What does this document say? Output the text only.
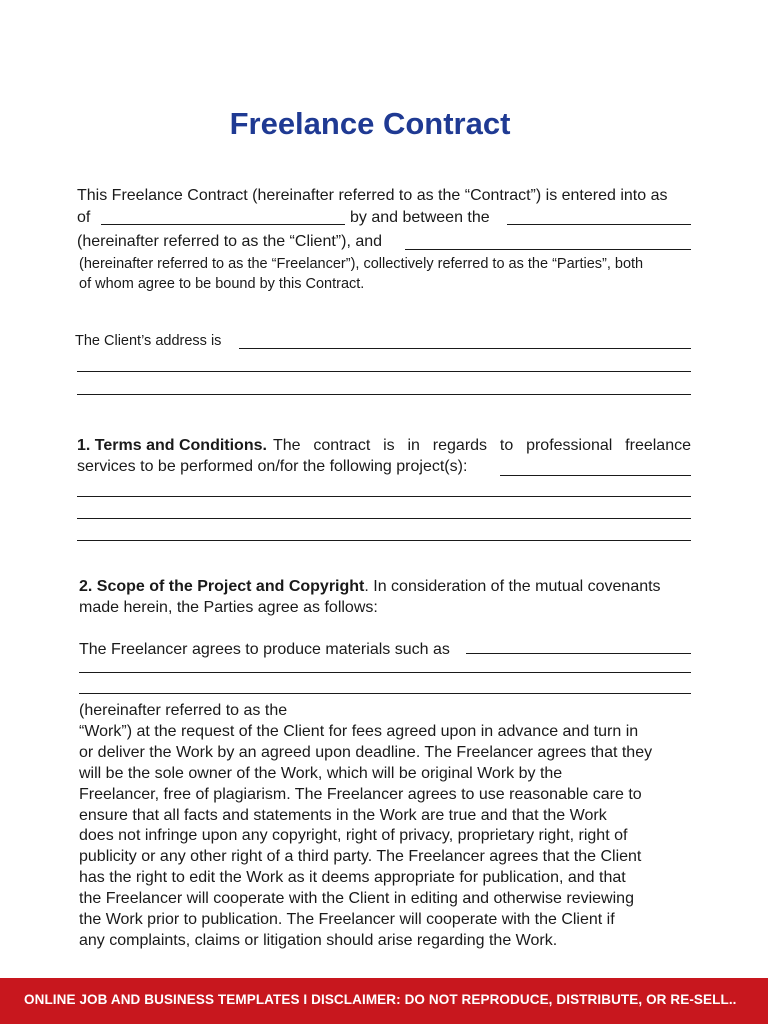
Freelance Contract
This Freelance Contract (hereinafter referred to as the “Contract”) is entered into as
of	by and between the
(hereinafter referred to as the “Client”), and
(hereinafter referred to as the “Freelancer”), collectively referred to as the “Parties”, both
of whom agree to be bound by this Contract.
The Client’s address is
1. Terms and Conditions. The contract is in regards to professional freelance
services to be performed on/for the following project(s):
2. Scope of the Project and Copyright. In consideration of the mutual covenants
made herein, the Parties agree as follows:
The Freelancer agrees to produce materials such as
(hereinafter referred to as the
“Work”) at the request of the Client for fees agreed upon in advance and turn in
or deliver the Work by an agreed upon deadline. The Freelancer agrees that they
will be the sole owner of the Work, which will be original Work by the
Freelancer, free of plagiarism. The Freelancer agrees to use reasonable care to
ensure that all facts and statements in the Work are true and that the Work
does not infringe upon any copyright, right of privacy, proprietary right, right of
publicity or any other right of a third party. The Freelancer agrees that the Client
has the right to edit the Work as it deems appropriate for publication, and that
the Freelancer will cooperate with the Client in editing and otherwise reviewing
the Work prior to publication. The Freelancer will cooperate with the Client if
any complaints, claims or litigation should arise regarding the Work.
ONLINE JOB AND BUSINESS TEMPLATES I DISCLAIMER: DO NOT REPRODUCE, DISTRIBUTE, OR RE-SELL..
